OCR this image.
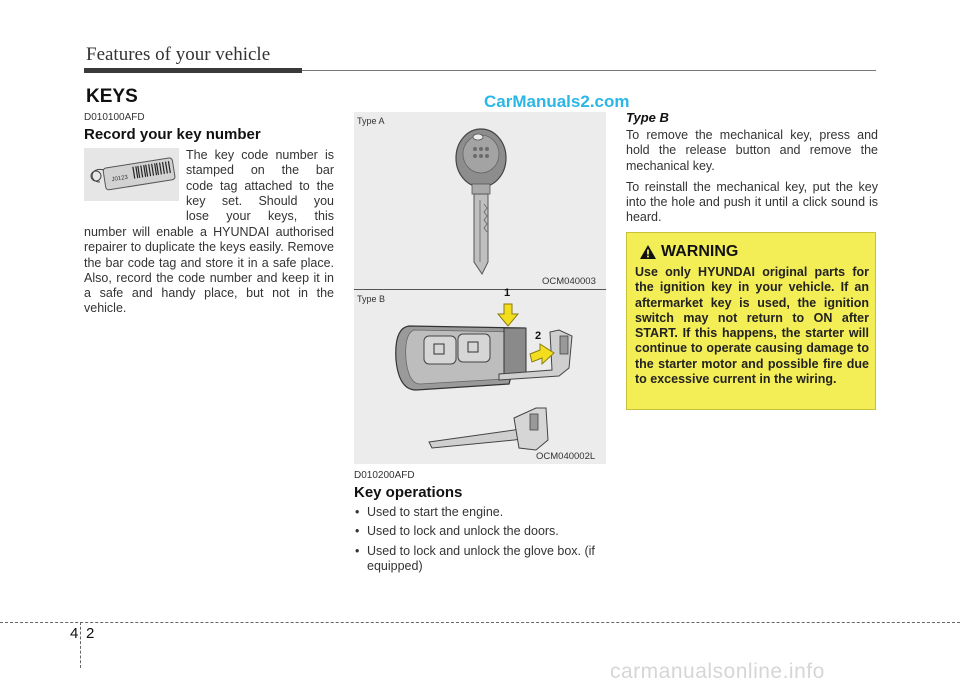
Features of your vehicle
KEYS	CarManuals2.com
D010100AFD
Record your key number
J0123
The key code number is
stamped on the bar
code tag attached to the
key set. Should you
lose your keys, this
number will enable a HYUNDAI authorised repairer to duplicate the keys easily. Remove the bar code tag and store it in a safe place. Also, record the code number and keep it in a safe and handy place, but not in the vehicle.
Type A
OCM040003
Type B	1
2
OCM040002L
D010200AFD
Key operations
• Used to start the engine.
• Used to lock and unlock the doors.
• Used to lock and unlock the glove box. (if equipped)
Type B

To remove the mechanical key, press and hold the release button and remove the mechanical key.

To reinstall the mechanical key, put the key into the hole and push it until a click sound is heard.

WARNING
Use only HYUNDAI original parts for the ignition key in your vehicle. If an aftermarket key is used, the ignition switch may not return to ON after START. If this happens, the starter will continue to operate causing damage to the starter motor and possible fire due to excessive current in the wiring.
4 2
carmanualsonline.info
